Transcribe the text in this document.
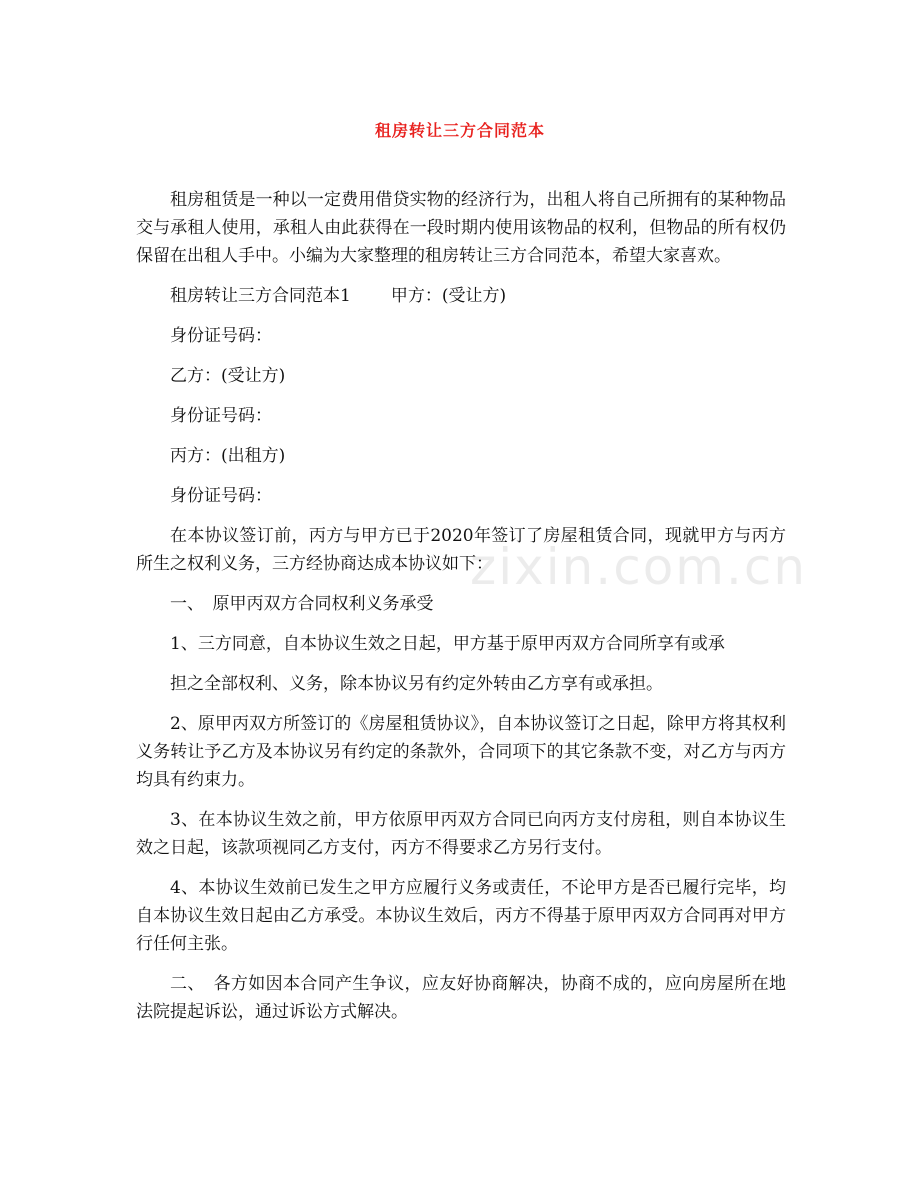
租房转让三方合同范本

租房租赁是一种以一定费用借贷实物的经济行为，出租人将自己所拥有的某种物品交与承租人使用，承租人由此获得在一段时期内使用该物品的权利，但物品的所有权仍保留在出租人手中。小编为大家整理的租房转让三方合同范本，希望大家喜欢。

租房转让三方合同范本1 甲方：(受让方)
身份证号码：
乙方：(受让方)
身份证号码：
丙方：(出租方)
身份证号码：

在本协议签订前，丙方与甲方已于2020年签订了房屋租赁合同，现就甲方与丙方所生之权利义务，三方经协商达成本协议如下：

一、　原甲丙双方合同权利义务承受
1、三方同意，自本协议生效之日起，甲方基于原甲丙双方合同所享有或承
担之全部权利、义务，除本协议另有约定外转由乙方享有或承担。

2、原甲丙双方所签订的《房屋租赁协议》，自本协议签订之日起，除甲方将其权利义务转让予乙方及本协议另有约定的条款外，合同项下的其它条款不变，对乙方与丙方均具有约束力。

3、在本协议生效之前，甲方依原甲丙双方合同已向丙方支付房租，则自本协议生效之日起，该款项视同乙方支付，丙方不得要求乙方另行支付。

4、本协议生效前已发生之甲方应履行义务或责任，不论甲方是否已履行完毕，均自本协议生效日起由乙方承受。本协议生效后，丙方不得基于原甲丙双方合同再对甲方行任何主张。

二、　各方如因本合同产生争议，应友好协商解决，协商不成的，应向房屋所在地法院提起诉讼，通过诉讼方式解决。

zixin.com.cn
